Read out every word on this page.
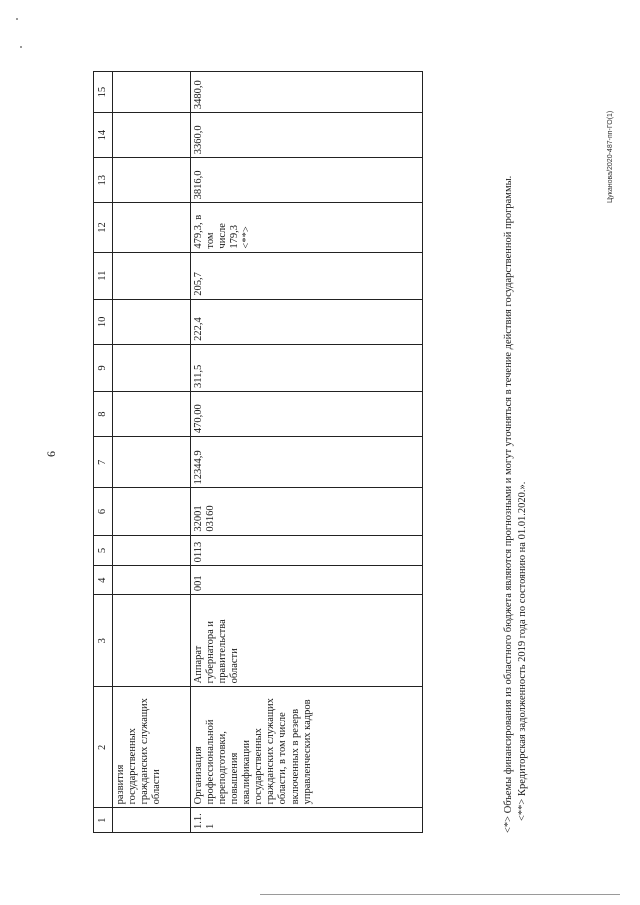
6
Цуканова/2020-487-пп-ГО(1)
1	2	3	4	5	6	7	8	9	10	11	12	13	14	15
	развития государственных гражданских служащих области													
1.1.1	Организация профессиональной переподготовки, повышения квалификации государственных гражданских служащих области, в том числе включенных в резерв управленческих кадров	Аппарат губернатора и правительства области	001	0113	32001 03160	12344,9	470,00	311,5	222,4	205,7	479,3, в том числе 179,3 <**>	3816,0	3360,0	3480,0

<*> Объемы финансирования из областного бюджета являются прогнозными и могут уточняться в течение действия государственной программы. <**> Кредиторская задолженность 2019 года по состоянию на 01.01.2020.».
